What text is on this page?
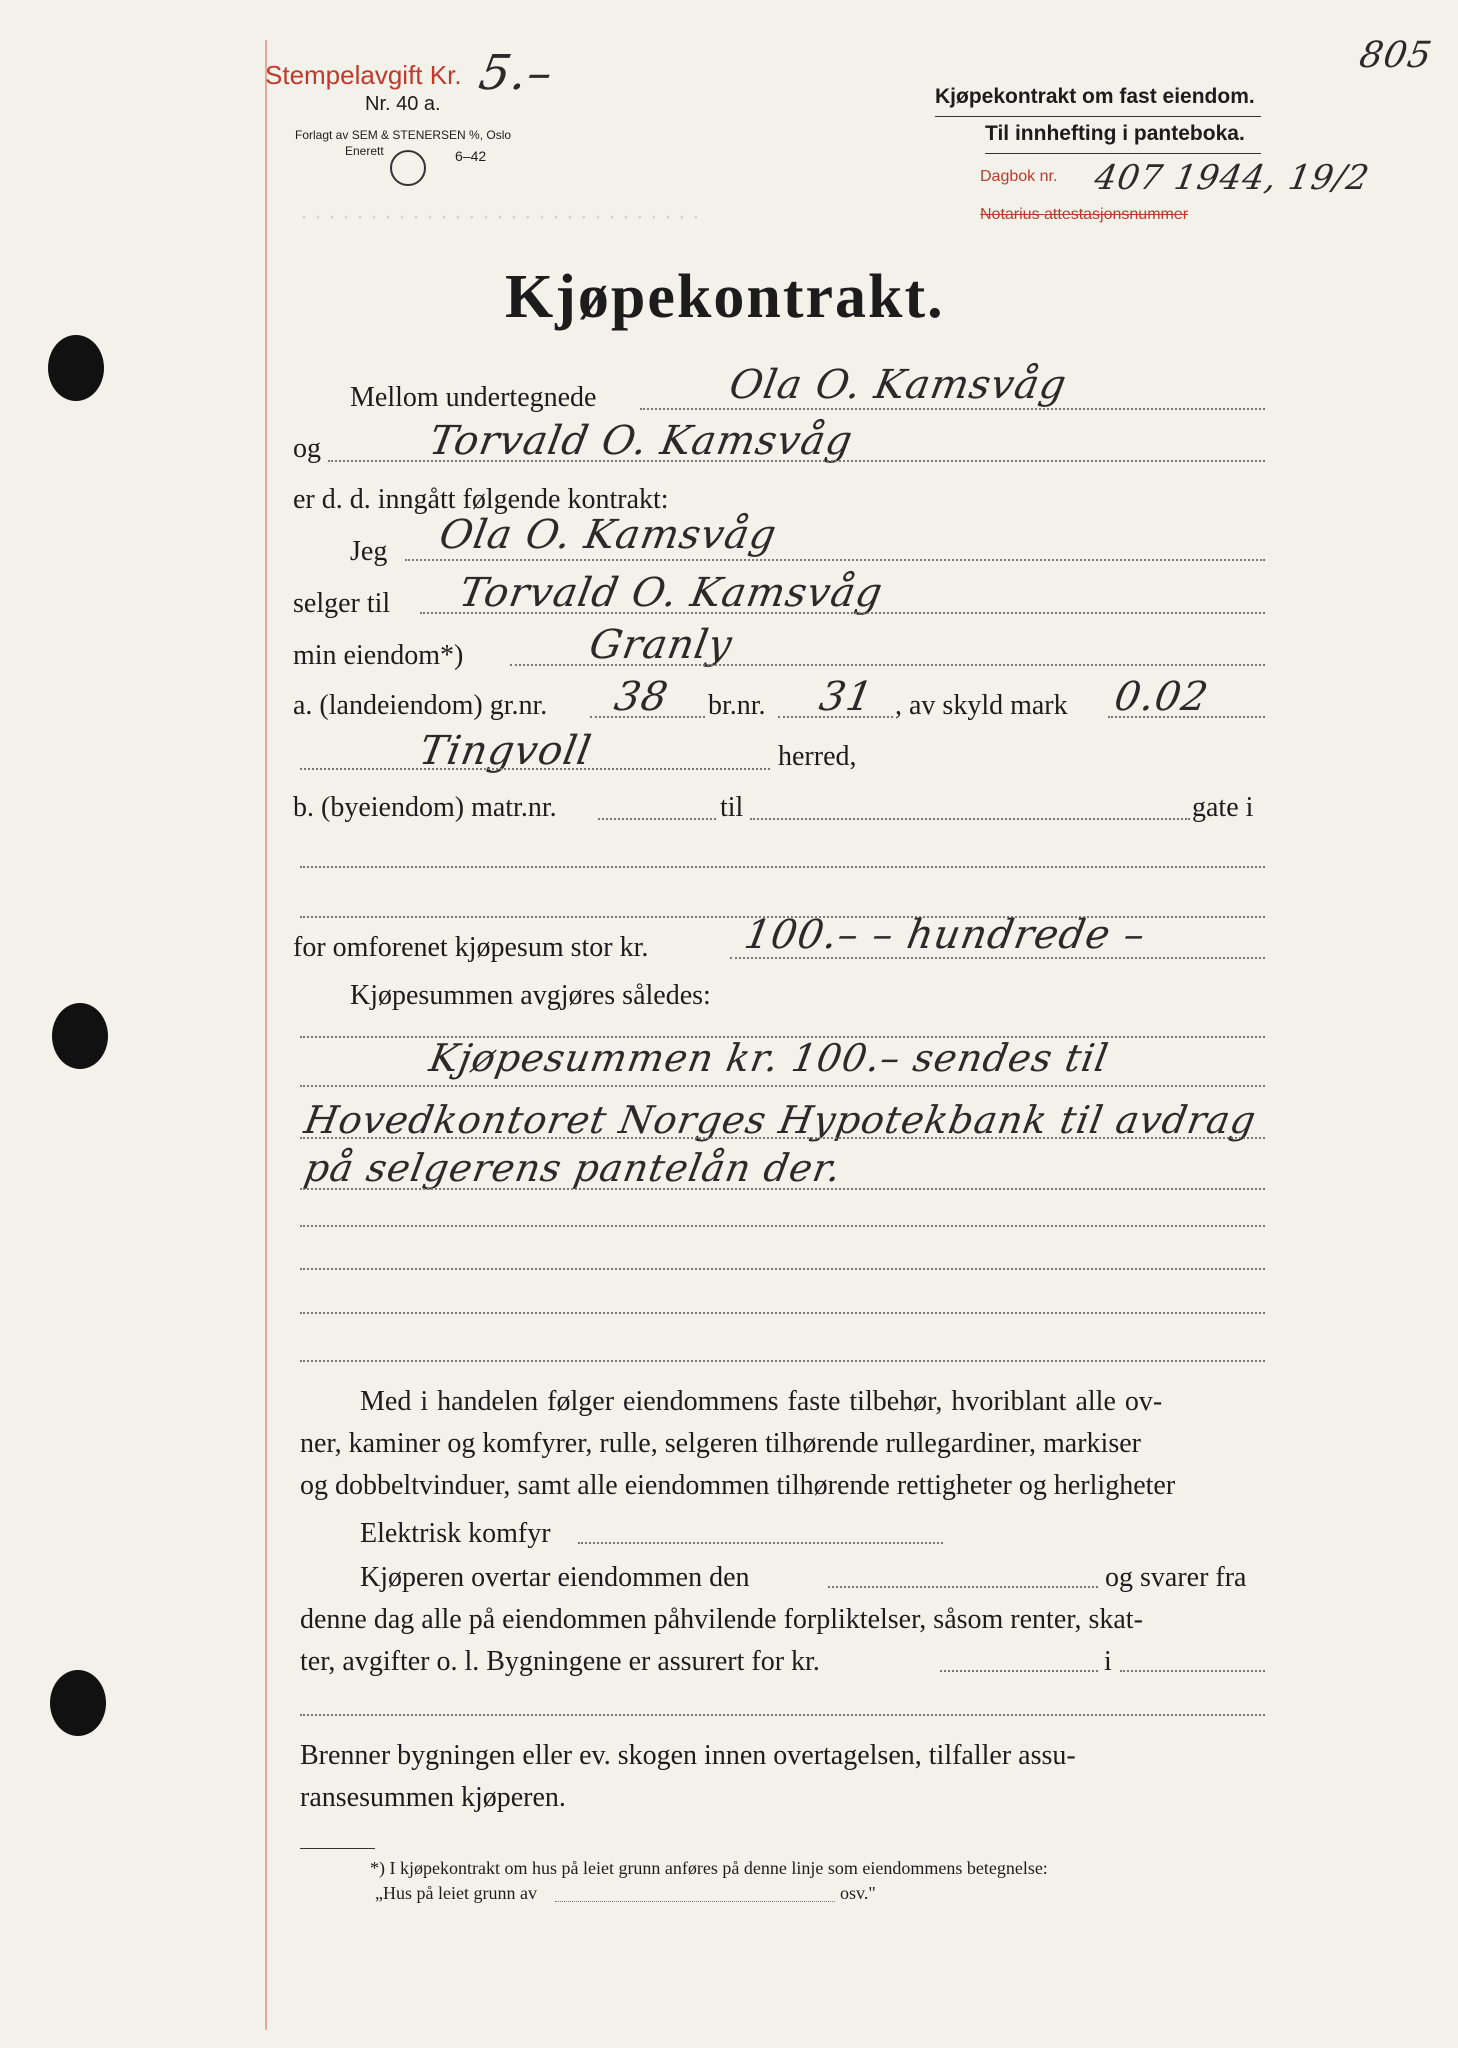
· · · · · · · · · · · · · · · · · · · · · · · · · · · · ·
Stempelavgift Kr. 5.–
Nr. 40 a.
Forlagt av SEM & STENERSEN %, Oslo
Enerett	6–42
805
Kjøpekontrakt om fast eiendom.
Til innhefting i panteboka.
Dagbok nr. 407 1944, 19/2
Notarius attestasjonsnummer
Kjøpekontrakt.
Mellom undertegnede	Ola O. Kamsvåg
og	Torvald O. Kamsvåg
er d. d. inngått følgende kontrakt:
Jeg Ola O. Kamsvåg
selger til Torvald O. Kamsvåg
min eiendom*)	Granly
a. (landeiendom) gr.nr. 38 br.nr. 31 , av skyld mark 0.02
Tingvoll	herred,
b. (byeiendom) matr.nr.	til	gate i
for omforenet kjøpesum stor kr. 100.– – hundrede –
Kjøpesummen avgjøres således:
Kjøpesummen kr. 100.– sendes til
Hovedkontoret Norges Hypotekbank til avdrag
på selgerens pantelån der.
Med i handelen følger eiendommens faste tilbehør, hvoriblant alle ov-
ner, kaminer og komfyrer, rulle, selgeren tilhørende rullegardiner, markiser
og dobbeltvinduer, samt alle eiendommen tilhørende rettigheter og herligheter
Elektrisk komfyr
Kjøperen overtar eiendommen den	og svarer fra
denne dag alle på eiendommen påhvilende forpliktelser, såsom renter, skat-
ter, avgifter o. l. Bygningene er assurert for kr.	i
Brenner bygningen eller ev. skogen innen overtagelsen, tilfaller assu-
ransesummen kjøperen.
*) I kjøpekontrakt om hus på leiet grunn anføres på denne linje som eiendommens betegnelse:
„Hus på leiet grunn av	osv."
